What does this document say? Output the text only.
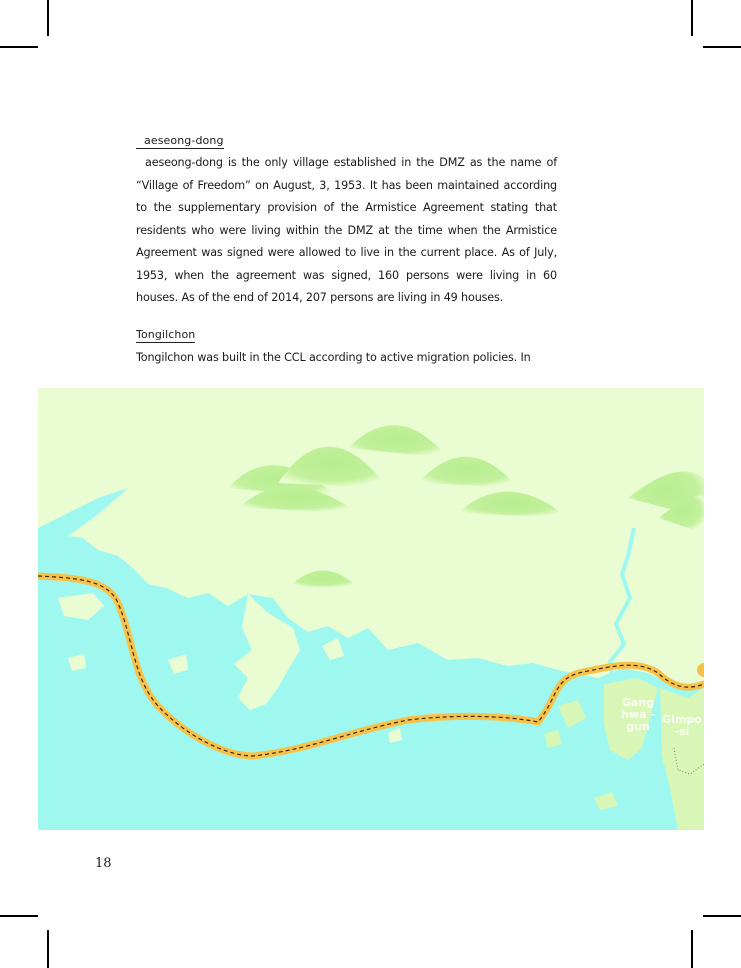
aeseong-dong

aeseong-dong is the only village established in the DMZ as the name of “Village of Freedom” on August, 3, 1953. It has been maintained according to the supplementary provision of the Armistice Agreement stating that residents who were living within the DMZ at the time when the Armistice Agreement was signed were allowed to live in the current place. As of July, 1953, when the agreement was signed, 160 persons were living in 60 houses. As of the end of 2014, 207 persons are living in 49 houses.

Tongilchon

Tongilchon was built in the CCL according to active migration policies. In

Gang hwa -gun
Gimpo -si
18
